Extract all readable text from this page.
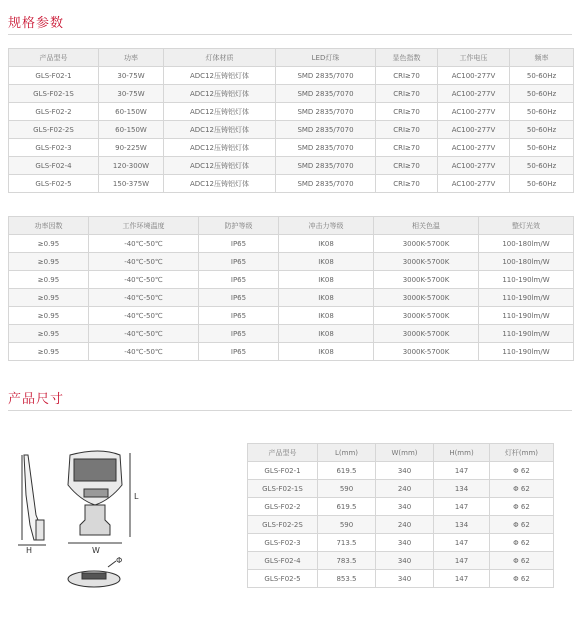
规格参数
产品型号	功率	灯体材质	LED灯珠	显色指数	工作电压	频率
GLS-F02-1	30-75W	ADC12压铸铝灯体	SMD 2835/7070	CRI≥70	AC100-277V	50-60Hz
GLS-F02-1S	30-75W	ADC12压铸铝灯体	SMD 2835/7070	CRI≥70	AC100-277V	50-60Hz
GLS-F02-2	60-150W	ADC12压铸铝灯体	SMD 2835/7070	CRI≥70	AC100-277V	50-60Hz
GLS-F02-2S	60-150W	ADC12压铸铝灯体	SMD 2835/7070	CRI≥70	AC100-277V	50-60Hz
GLS-F02-3	90-225W	ADC12压铸铝灯体	SMD 2835/7070	CRI≥70	AC100-277V	50-60Hz
GLS-F02-4	120-300W	ADC12压铸铝灯体	SMD 2835/7070	CRI≥70	AC100-277V	50-60Hz
GLS-F02-5	150-375W	ADC12压铸铝灯体	SMD 2835/7070	CRI≥70	AC100-277V	50-60Hz
功率因数	工作环境温度	防护等级	冲击力等级	相关色温	整灯光效
≥0.95	-40℃-50℃	IP65	IK08	3000K-5700K	100-180lm/W
≥0.95	-40℃-50℃	IP65	IK08	3000K-5700K	100-180lm/W
≥0.95	-40℃-50℃	IP65	IK08	3000K-5700K	110-190lm/W
≥0.95	-40℃-50℃	IP65	IK08	3000K-5700K	110-190lm/W
≥0.95	-40℃-50℃	IP65	IK08	3000K-5700K	110-190lm/W
≥0.95	-40℃-50℃	IP65	IK08	3000K-5700K	110-190lm/W
≥0.95	-40℃-50℃	IP65	IK08	3000K-5700K	110-190lm/W
产品尺寸
H
L
W
Φ
产品型号	L(mm)	W(mm)	H(mm)	灯杆(mm)
GLS-F02-1	619.5	340	147	Φ 62
GLS-F02-1S	590	240	134	Φ 62
GLS-F02-2	619.5	340	147	Φ 62
GLS-F02-2S	590	240	134	Φ 62
GLS-F02-3	713.5	340	147	Φ 62
GLS-F02-4	783.5	340	147	Φ 62
GLS-F02-5	853.5	340	147	Φ 62
